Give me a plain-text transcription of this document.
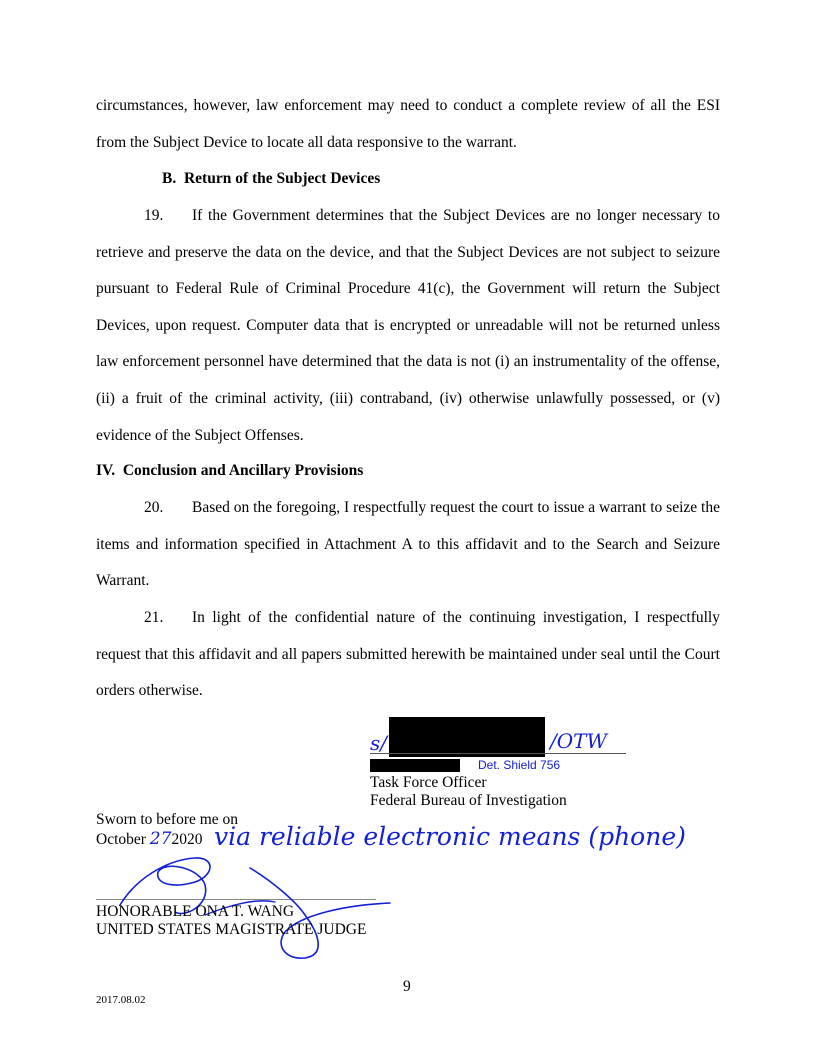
circumstances, however, law enforcement may need to conduct a complete review of all the ESI from the Subject Device to locate all data responsive to the warrant.

B.  Return of the Subject Devices

19. If the Government determines that the Subject Devices are no longer necessary to retrieve and preserve the data on the device, and that the Subject Devices are not subject to seizure pursuant to Federal Rule of Criminal Procedure 41(c), the Government will return the Subject Devices, upon request. Computer data that is encrypted or unreadable will not be returned unless law enforcement personnel have determined that the data is not (i) an instrumentality of the offense, (ii) a fruit of the criminal activity, (iii) contraband, (iv) otherwise unlawfully possessed, or (v) evidence of the Subject Offenses.

IV.  Conclusion and Ancillary Provisions

20. Based on the foregoing, I respectfully request the court to issue a warrant to seize the items and information specified in Attachment A to this affidavit and to the Search and Seizure Warrant.

21. In light of the confidential nature of the continuing investigation, I respectfully request that this affidavit and all papers submitted herewith be maintained under seal until the Court orders otherwise.

s/	/OTW
Det. Shield 756
Task Force Officer
Federal Bureau of Investigation
Sworn to before me on
October 272020 via reliable electronic means (phone)
HONORABLE ONA T. WANG
UNITED STATES MAGISTRATE JUDGE
9
2017.08.02
